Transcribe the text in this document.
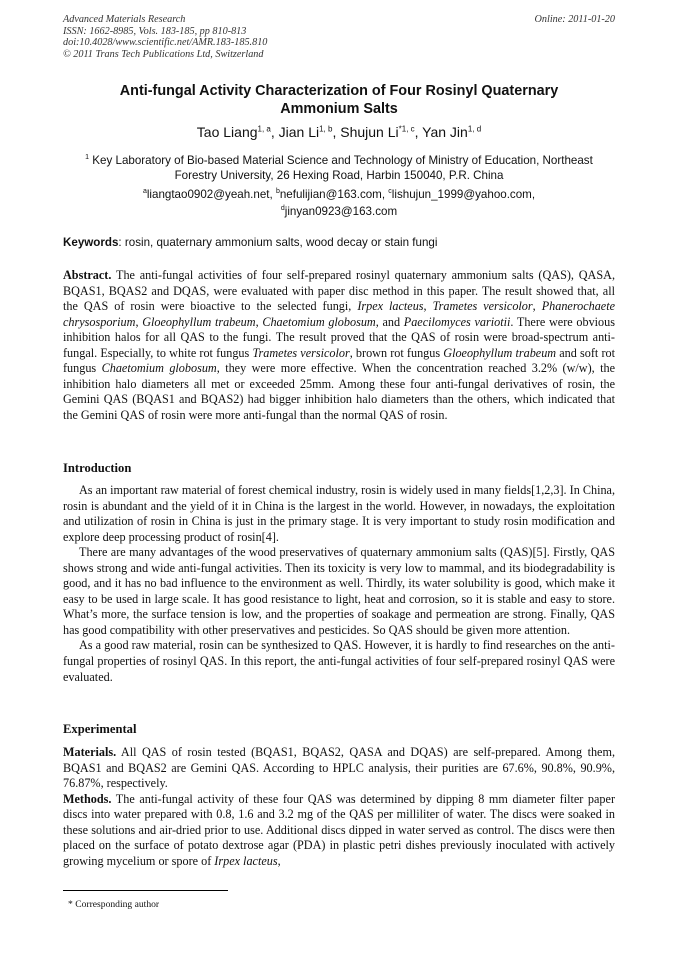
Advanced Materials Research	Online: 2011-01-20
ISSN: 1662-8985, Vols. 183-185, pp 810-813
doi:10.4028/www.scientific.net/AMR.183-185.810
© 2011 Trans Tech Publications Ltd, Switzerland
Anti-fungal Activity Characterization of Four Rosinyl Quaternary
Ammonium Salts
Tao Liang$^{1, a}$, Jian Li$^{1, b}$, Shujun Li$^{*1, c}$, Yan Jin$^{1, d}$
$^1$ Key Laboratory of Bio-based Material Science and Technology of Ministry of Education, Northeast
Forestry University, 26 Hexing Road, Harbin 150040, P.R. China
$^a$liangtao0902@yeah.net, $^b$nefulijian@163.com, $^c$lishujun_1999@yahoo.com,
$^d$jinyan0923@163.com
Keywords: rosin, quaternary ammonium salts, wood decay or stain fungi
Abstract. The anti-fungal activities of four self-prepared rosinyl quaternary ammonium salts (QAS), QASA, BQAS1, BQAS2 and DQAS, were evaluated with paper disc method in this paper. The result showed that, all the QAS of rosin were bioactive to the selected fungi, Irpex lacteus, Trametes versicolor, Phanerochaete chrysosporium, Gloeophyllum trabeum, Chaetomium globosum, and Paecilomyces variotii. There were obvious inhibition halos for all QAS to the fungi. The result proved that the QAS of rosin were broad-spectrum anti-fungal. Especially, to white rot fungus Trametes versicolor, brown rot fungus Gloeophyllum trabeum and soft rot fungus Chaetomium globosum, they were more effective. When the concentration reached 3.2% (w/w), the inhibition halo diameters all met or exceeded 25mm. Among these four anti-fungal derivatives of rosin, the Gemini QAS (BQAS1 and BQAS2) had bigger inhibition halo diameters than the others, which indicated that the Gemini QAS of rosin were more anti-fungal than the normal QAS of rosin.
Introduction

As an important raw material of forest chemical industry, rosin is widely used in many fields[1,2,3]. In China, rosin is abundant and the yield of it in China is the largest in the world. However, in nowadays, the exploitation and utilization of rosin in China is just in the primary stage. It is very important to study rosin modification and explore deep processing product of rosin[4].

There are many advantages of the wood preservatives of quaternary ammonium salts (QAS)[5]. Firstly, QAS shows strong and wide anti-fungal activities. Then its toxicity is very low to mammal, and its biodegradability is good, and it has no bad influence to the environment as well. Thirdly, its water solubility is good, which make it easy to be used in large scale. It has good resistance to light, heat and corrosion, so it is stable and easy to store. What’s more, the surface tension is low, and the properties of soakage and permeation are strong. Finally, QAS has good compatibility with other preservatives and pesticides. So QAS should be given more attention.

As a good raw material, rosin can be synthesized to QAS. However, it is hardly to find researches on the anti-fungal properties of rosinyl QAS. In this report, the anti-fungal activities of four self-prepared rosinyl QAS were evaluated.

Experimental

Materials. All QAS of rosin tested (BQAS1, BQAS2, QASA and DQAS) are self-prepared. Among them, BQAS1 and BQAS2 are Gemini QAS. According to HPLC analysis, their purities are 67.6%, 90.8%, 90.9%, 76.87%, respectively.

Methods. The anti-fungal activity of these four QAS was determined by dipping 8 mm diameter filter paper discs into water prepared with 0.8, 1.6 and 3.2 mg of the QAS per milliliter of water. The discs were soaked in these solutions and air-dried prior to use. Additional discs dipped in water served as control. The discs were then placed on the surface of potato dextrose agar (PDA) in plastic petri dishes previously inoculated with actively growing mycelium or spore of Irpex lacteus,

* Corresponding author
